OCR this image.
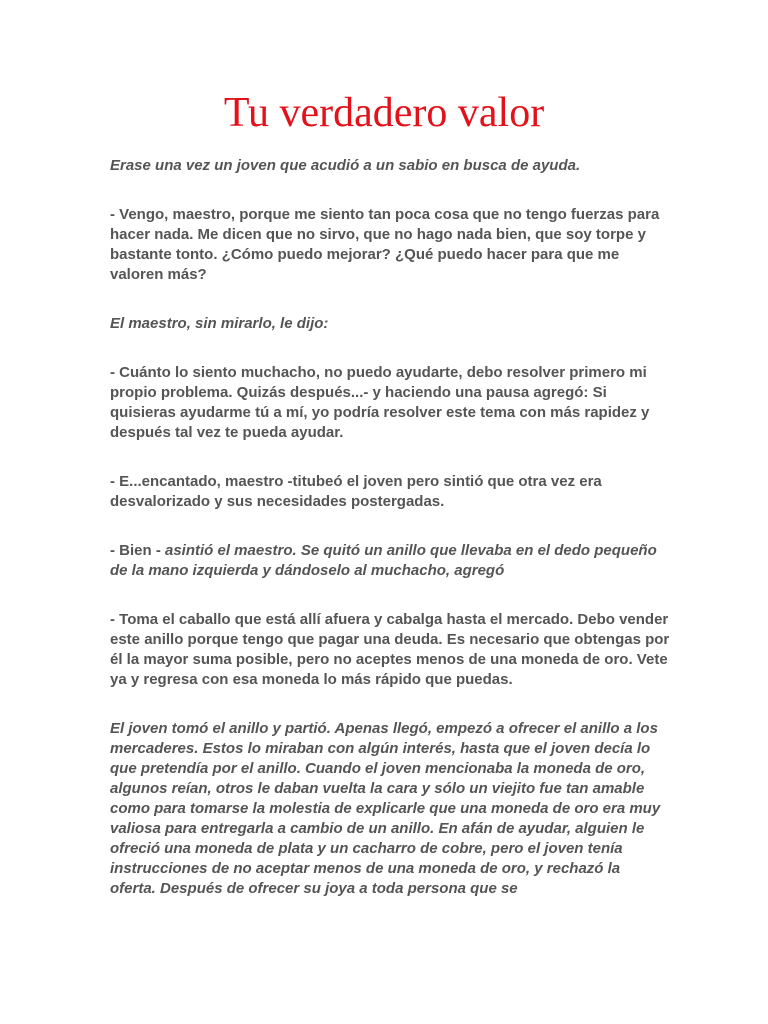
Tu verdadero valor

Erase una vez un joven que acudió a un sabio en busca de ayuda.

- Vengo, maestro, porque me siento tan poca cosa que no tengo fuerzas para hacer nada. Me dicen que no sirvo, que no hago nada bien, que soy torpe y bastante tonto. ¿Cómo puedo mejorar? ¿Qué puedo hacer para que me valoren más?

El maestro, sin mirarlo, le dijo:

- Cuánto lo siento muchacho, no puedo ayudarte, debo resolver primero mi propio problema. Quizás después...- y haciendo una pausa agregó: Si quisieras ayudarme tú a mí, yo podría resolver este tema con más rapidez y después tal vez te pueda ayudar.

- E...encantado, maestro -titubeó el joven pero sintió que otra vez era desvalorizado y sus necesidades postergadas.

- Bien - asintió el maestro. Se quitó un anillo que llevaba en el dedo pequeño de la mano izquierda y dándoselo al muchacho, agregó

- Toma el caballo que está allí afuera y cabalga hasta el mercado. Debo vender este anillo porque tengo que pagar una deuda. Es necesario que obtengas por él la mayor suma posible, pero no aceptes menos de una moneda de oro. Vete ya y regresa con esa moneda lo más rápido que puedas.

El joven tomó el anillo y partió. Apenas llegó, empezó a ofrecer el anillo a los mercaderes. Estos lo miraban con algún interés, hasta que el joven decía lo que pretendía por el anillo. Cuando el joven mencionaba la moneda de oro, algunos reían, otros le daban vuelta la cara y sólo un viejito fue tan amable como para tomarse la molestia de explicarle que una moneda de oro era muy valiosa para entregarla a cambio de un anillo. En afán de ayudar, alguien le ofreció una moneda de plata y un cacharro de cobre, pero el joven tenía instrucciones de no aceptar menos de una moneda de oro, y rechazó la oferta. Después de ofrecer su joya a toda persona que se
